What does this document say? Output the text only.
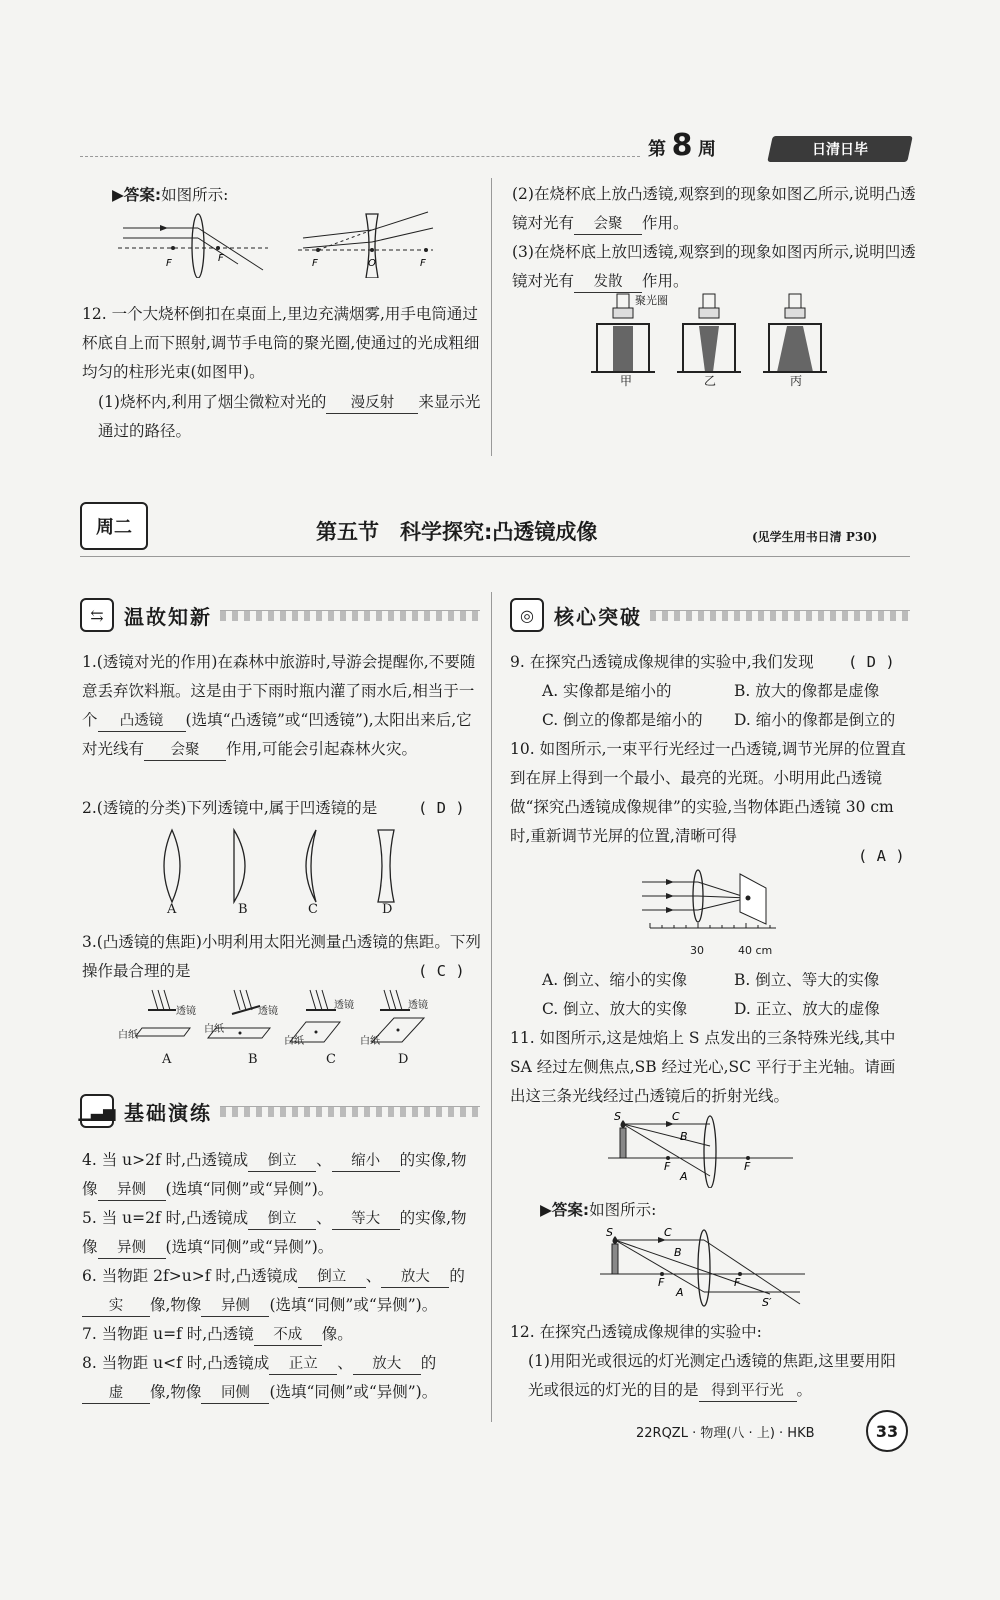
第 8 周	日清日毕
▶答案:如图所示:
F	F	F	O	F
12. 一个大烧杯倒扣在桌面上,里边充满烟雾,用手电筒通过杯底自上而下照射,调节手电筒的聚光圈,使通过的光成粗细均匀的柱形光束(如图甲)。
(1)烧杯内,利用了烟尘微粒对光的 漫反射 来显示光通过的路径。
(2)在烧杯底上放凸透镜,观察到的现象如图乙所示,说明凸透镜对光有 会聚 作用。
(3)在烧杯底上放凹透镜,观察到的现象如图丙所示,说明凹透镜对光有 发散 作用。
聚光圈
甲	乙	丙
周二	第五节　科学探究:凸透镜成像	(见学生用书日清 P30)
⇆	温故知新
1.(透镜对光的作用)在森林中旅游时,导游会提醒你,不要随意丢弃饮料瓶。这是由于下雨时瓶内灌了雨水后,相当于一个 凸透镜 (选填“凸透镜”或“凹透镜”),太阳出来后,它对光线有 会聚 作用,可能会引起森林火灾。
2.(透镜的分类)下列透镜中,属于凹透镜的是	( D )
A	B	C	D
3.(凸透镜的焦距)小明利用太阳光测量凸透镜的焦距。下列操作最合理的是	( C )
透镜	透镜
透镜	透镜
白纸
白纸
白纸	白纸
A	B	C	D
▁▃▅ 基础演练
4. 当 u>2f 时,凸透镜成 倒立 、 缩小 的实像,物像 异侧 (选填“同侧”或“异侧”)。
5. 当 u=2f 时,凸透镜成 倒立 、 等大 的实像,物像 异侧 (选填“同侧”或“异侧”)。
6. 当物距 2f>u>f 时,凸透镜成 倒立 、 放大 的实 像,物像 异侧 (选填“同侧”或“异侧”)。
7. 当物距 u=f 时,凸透镜 不成 像。
8. 当物距 u<f 时,凸透镜成 正立 、 放大 的虚 像,物像 同侧 (选填“同侧”或“异侧”)。
◎	核心突破
9. 在探究凸透镜成像规律的实验中,我们发现	( D )
A. 实像都是缩小的	B. 放大的像都是虚像
C. 倒立的像都是缩小的 D. 缩小的像都是倒立的
10. 如图所示,一束平行光经过一凸透镜,调节光屏的位置直到在屏上得到一个最小、最亮的光斑。小明用此凸透镜做“探究凸透镜成像规律”的实验,当物体距凸透镜 30 cm 时,重新调节光屏的位置,清晰可得
( A )
30	40 cm
A. 倒立、缩小的实像	B. 倒立、等大的实像
C. 倒立、放大的实像	D. 正立、放大的虚像
11. 如图所示,这是烛焰上 S 点发出的三条特殊光线,其中 SA 经过左侧焦点,SB 经过光心,SC 平行于主光轴。请画出这三条光线经过凸透镜后的折射光线。
S	C
B
F
A
F
▶答案:如图所示:
S	C
B
F
A
F
S′
12. 在探究凸透镜成像规律的实验中:
(1)用阳光或很远的灯光测定凸透镜的焦距,这里要用阳光或很远的灯光的目的是 得到平行光 。
22RQZL · 物理(八 · 上) · HKB	33
